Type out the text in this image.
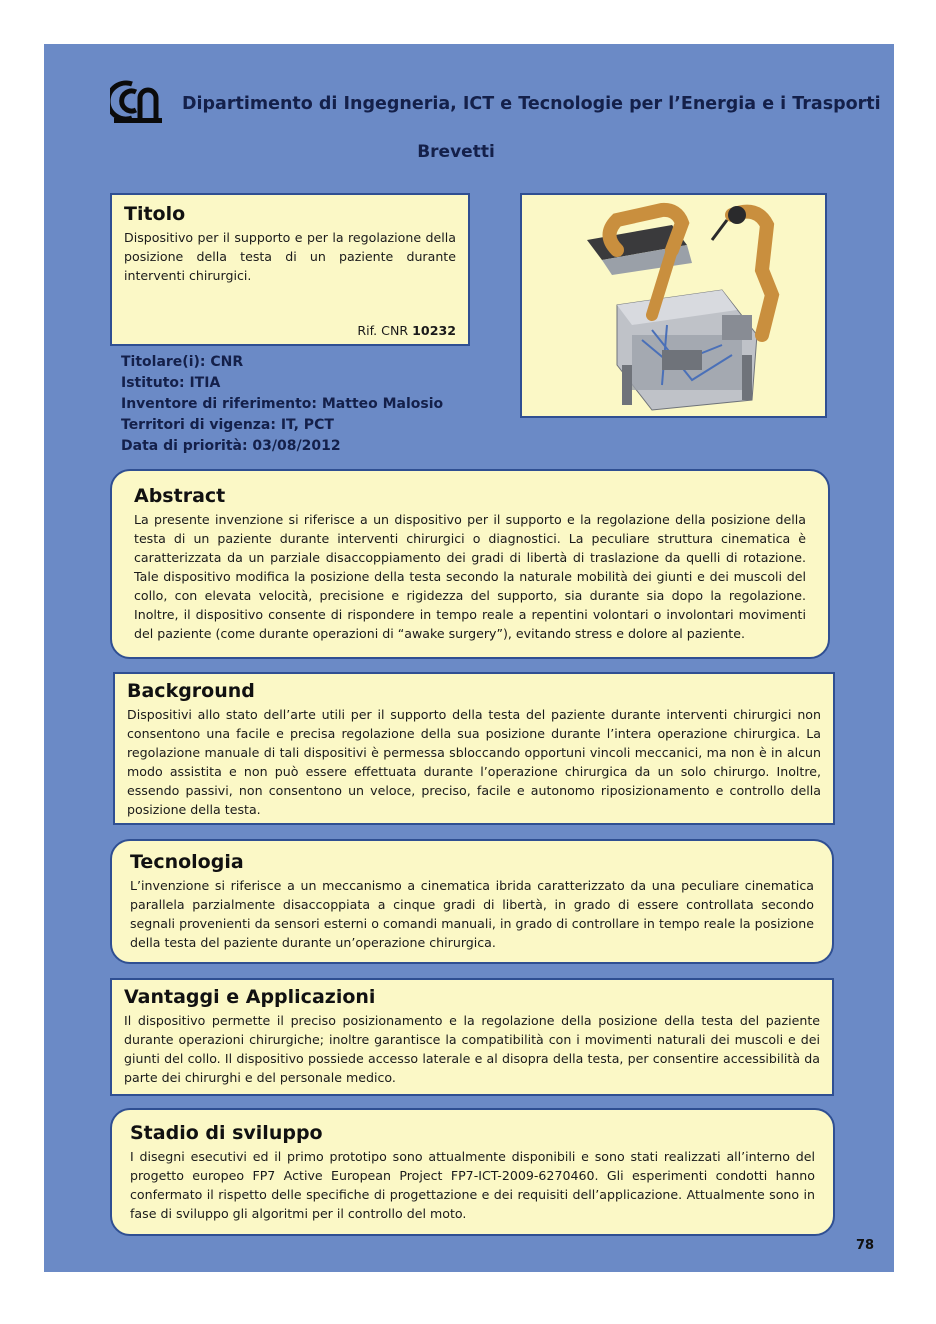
Dipartimento di Ingegneria, ICT e Tecnologie per l’Energia e i Trasporti
Brevetti
Titolo

Dispositivo per il supporto e per la regolazione della posizione della testa di un paziente durante interventi chirurgici.

Rif. CNR 10232
Titolare(i): CNR
Istituto: ITIA
Inventore di riferimento: Matteo Malosio
Territori di vigenza: IT, PCT
Data di priorità: 03/08/2012
Abstract

La presente invenzione si riferisce a un dispositivo per il supporto e la regolazione della posizione della testa di un paziente durante interventi chirurgici o diagnostici. La peculiare struttura cinematica è caratterizzata da un parziale disaccoppiamento dei gradi di libertà di traslazione da quelli di rotazione. Tale dispositivo modifica la posizione della testa secondo la naturale mobilità dei giunti e dei muscoli del collo, con elevata velocità, precisione e rigidezza del supporto, sia durante sia dopo la regolazione. Inoltre, il dispositivo consente di rispondere in tempo reale a repentini volontari o involontari movimenti del paziente (come durante operazioni di “awake surgery”), evitando stress e dolore al paziente.

Background

Dispositivi allo stato dell’arte utili per il supporto della testa del paziente durante interventi chirurgici non consentono una facile e precisa regolazione della sua posizione durante l’intera operazione chirurgica. La regolazione manuale di tali dispositivi è permessa sbloccando opportuni vincoli meccanici, ma non è in alcun modo assistita e non può essere effettuata durante l’operazione chirurgica da un solo chirurgo. Inoltre, essendo passivi, non consentono un veloce, preciso, facile e autonomo riposizionamento e controllo della posizione della testa.

Tecnologia

L’invenzione si riferisce a un meccanismo a cinematica ibrida caratterizzato da una peculiare cinematica parallela parzialmente disaccoppiata a cinque gradi di libertà, in grado di essere controllata secondo segnali provenienti da sensori esterni o comandi manuali, in grado di controllare in tempo reale la posizione della testa del paziente durante un’operazione chirurgica.

Vantaggi e Applicazioni

Il dispositivo permette il preciso posizionamento e la regolazione della posizione della testa del paziente durante operazioni chirurgiche; inoltre garantisce la compatibilità con i movimenti naturali dei muscoli e dei giunti del collo. Il dispositivo possiede accesso laterale e al disopra della testa, per consentire accessibilità da parte dei chirurghi e del personale medico.

Stadio di sviluppo

I disegni esecutivi ed il primo prototipo sono attualmente disponibili e sono stati realizzati all’interno del progetto europeo FP7 Active European Project FP7-ICT-2009-6270460. Gli esperimenti condotti hanno confermato il rispetto delle specifiche di progettazione e dei requisiti dell’applicazione. Attualmente sono in fase di sviluppo gli algoritmi per il controllo del moto.

78
